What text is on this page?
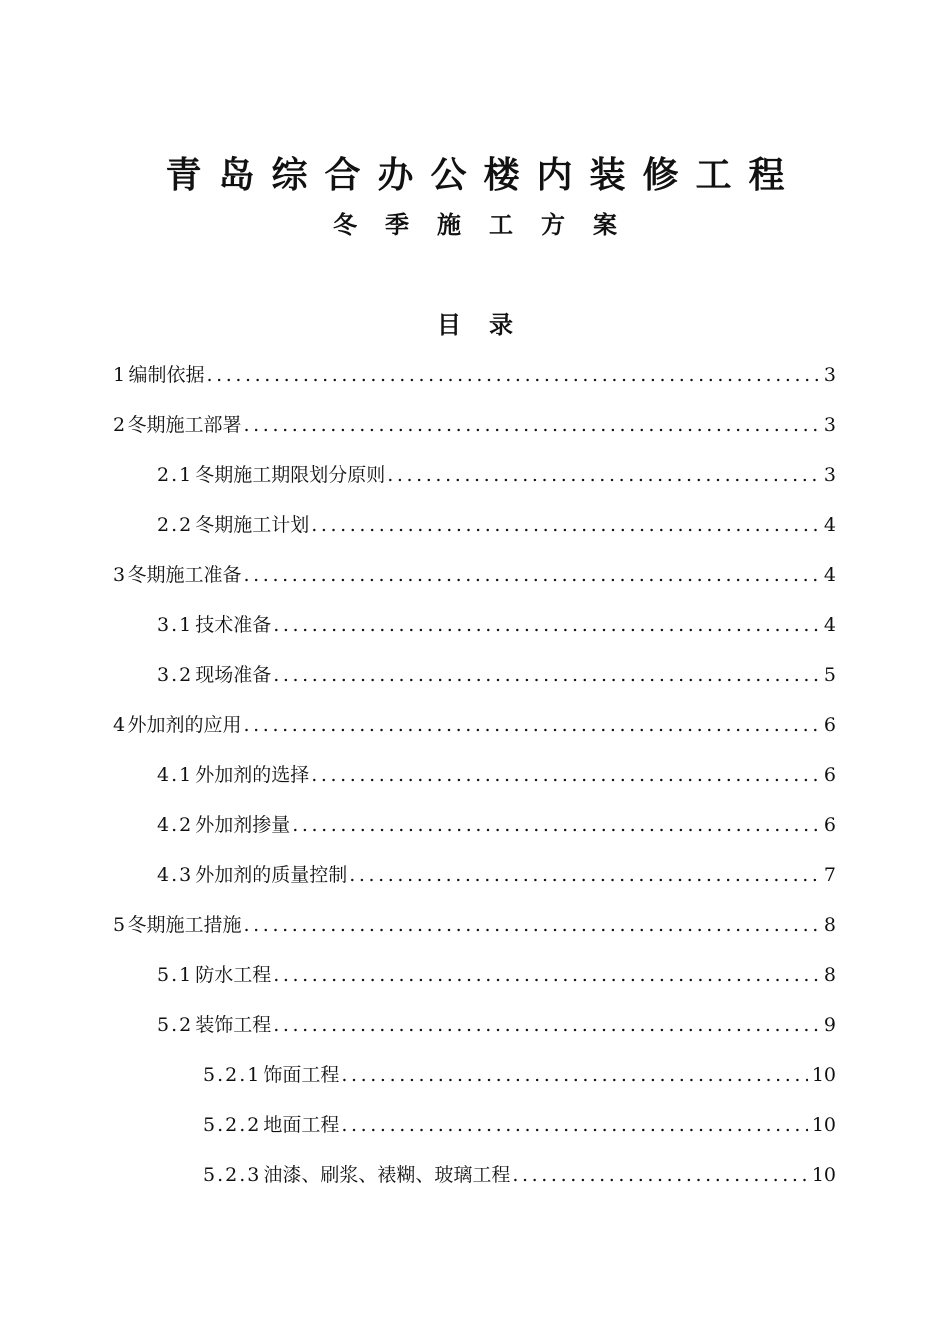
青岛综合办公楼内装修工程
冬季施工方案
目录
1 编制依据 .....	3
2 冬期施工部署 .....	3
2.1 冬期施工期限划分原则 .....	3
2.2 冬期施工计划 .....	4
3 冬期施工准备 .....	4
3.1 技术准备 .....	4
3.2 现场准备 .....	5
4 外加剂的应用 .....	6
4.1 外加剂的选择 .....	6
4.2 外加剂掺量 .....	6
4.3 外加剂的质量控制 .....	7
5 冬期施工措施 .....	8
5.1 防水工程 .....	8
5.2 装饰工程 .....	9
5.2.1 饰面工程 .....	10
5.2.2 地面工程 .....	10
5.2.3 油漆、刷浆、裱糊、玻璃工程 .....	10
